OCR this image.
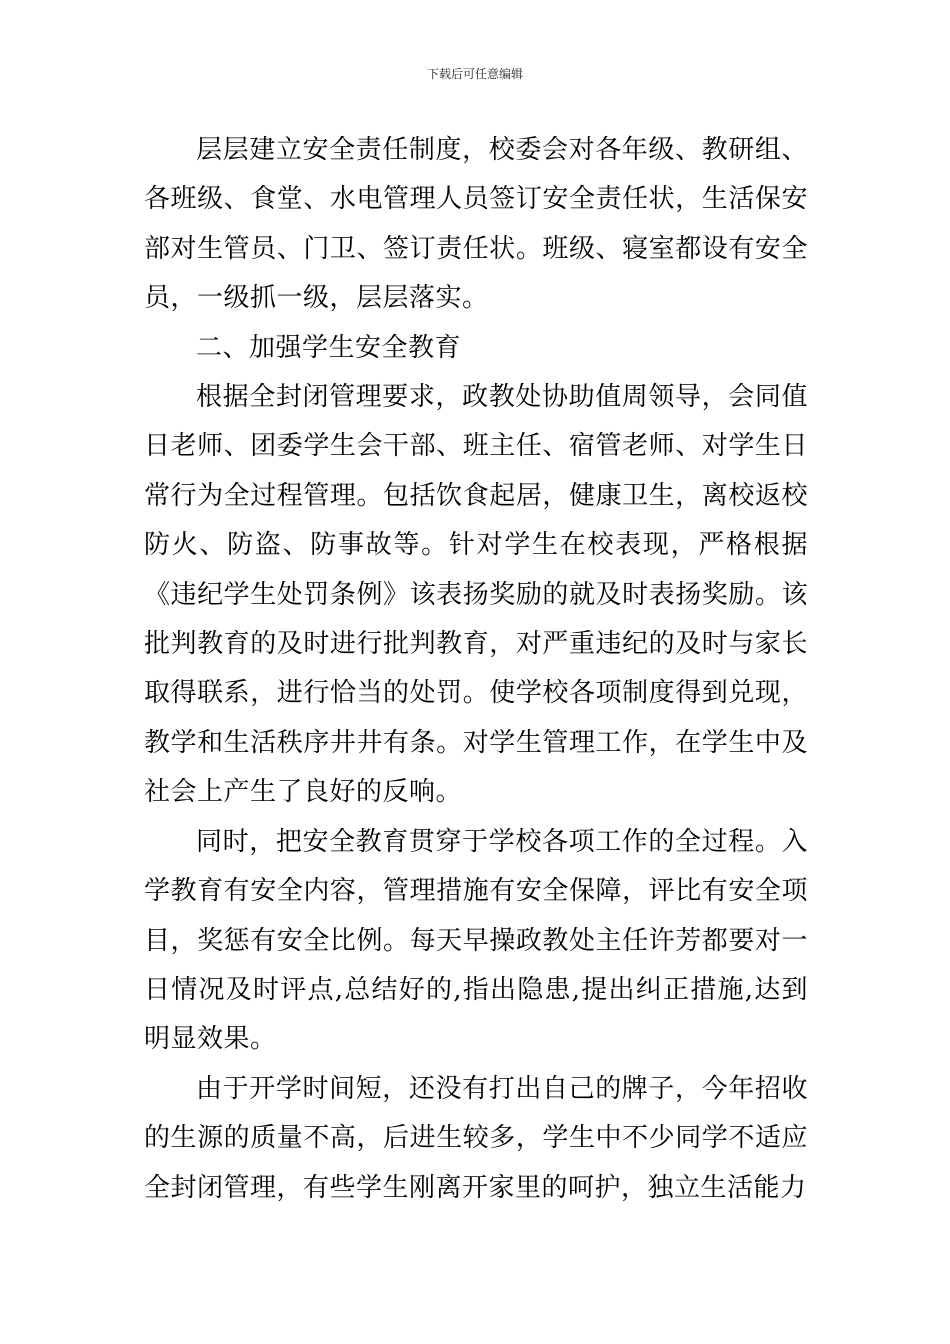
下载后可任意编辑

层层建立安全责任制度，校委会对各年级、教研组、各班级、食堂、水电管理人员签订安全责任状，生活保安部对生管员、门卫、签订责任状。班级、寝室都设有安全员，一级抓一级，层层落实。

二、加强学生安全教育

根据全封闭管理要求，政教处协助值周领导，会同值日老师、团委学生会干部、班主任、宿管老师、对学生日常行为全过程管理。包括饮食起居，健康卫生，离校返校防火、防盗、防事故等。针对学生在校表现，严格根据《违纪学生处罚条例》该表扬奖励的就及时表扬奖励。该批判教育的及时进行批判教育，对严重违纪的及时与家长取得联系，进行恰当的处罚。使学校各项制度得到兑现，教学和生活秩序井井有条。对学生管理工作，在学生中及社会上产生了良好的反响。

同时，把安全教育贯穿于学校各项工作的全过程。入学教育有安全内容，管理措施有安全保障，评比有安全项目，奖惩有安全比例。每天早操政教处主任许芳都要对一日情况及时评点,总结好的,指出隐患,提出纠正措施,达到明显效果。

由于开学时间短，还没有打出自己的牌子，今年招收的生源的质量不高，后进生较多，学生中不少同学不适应全封闭管理，有些学生刚离开家里的呵护，独立生活能力
